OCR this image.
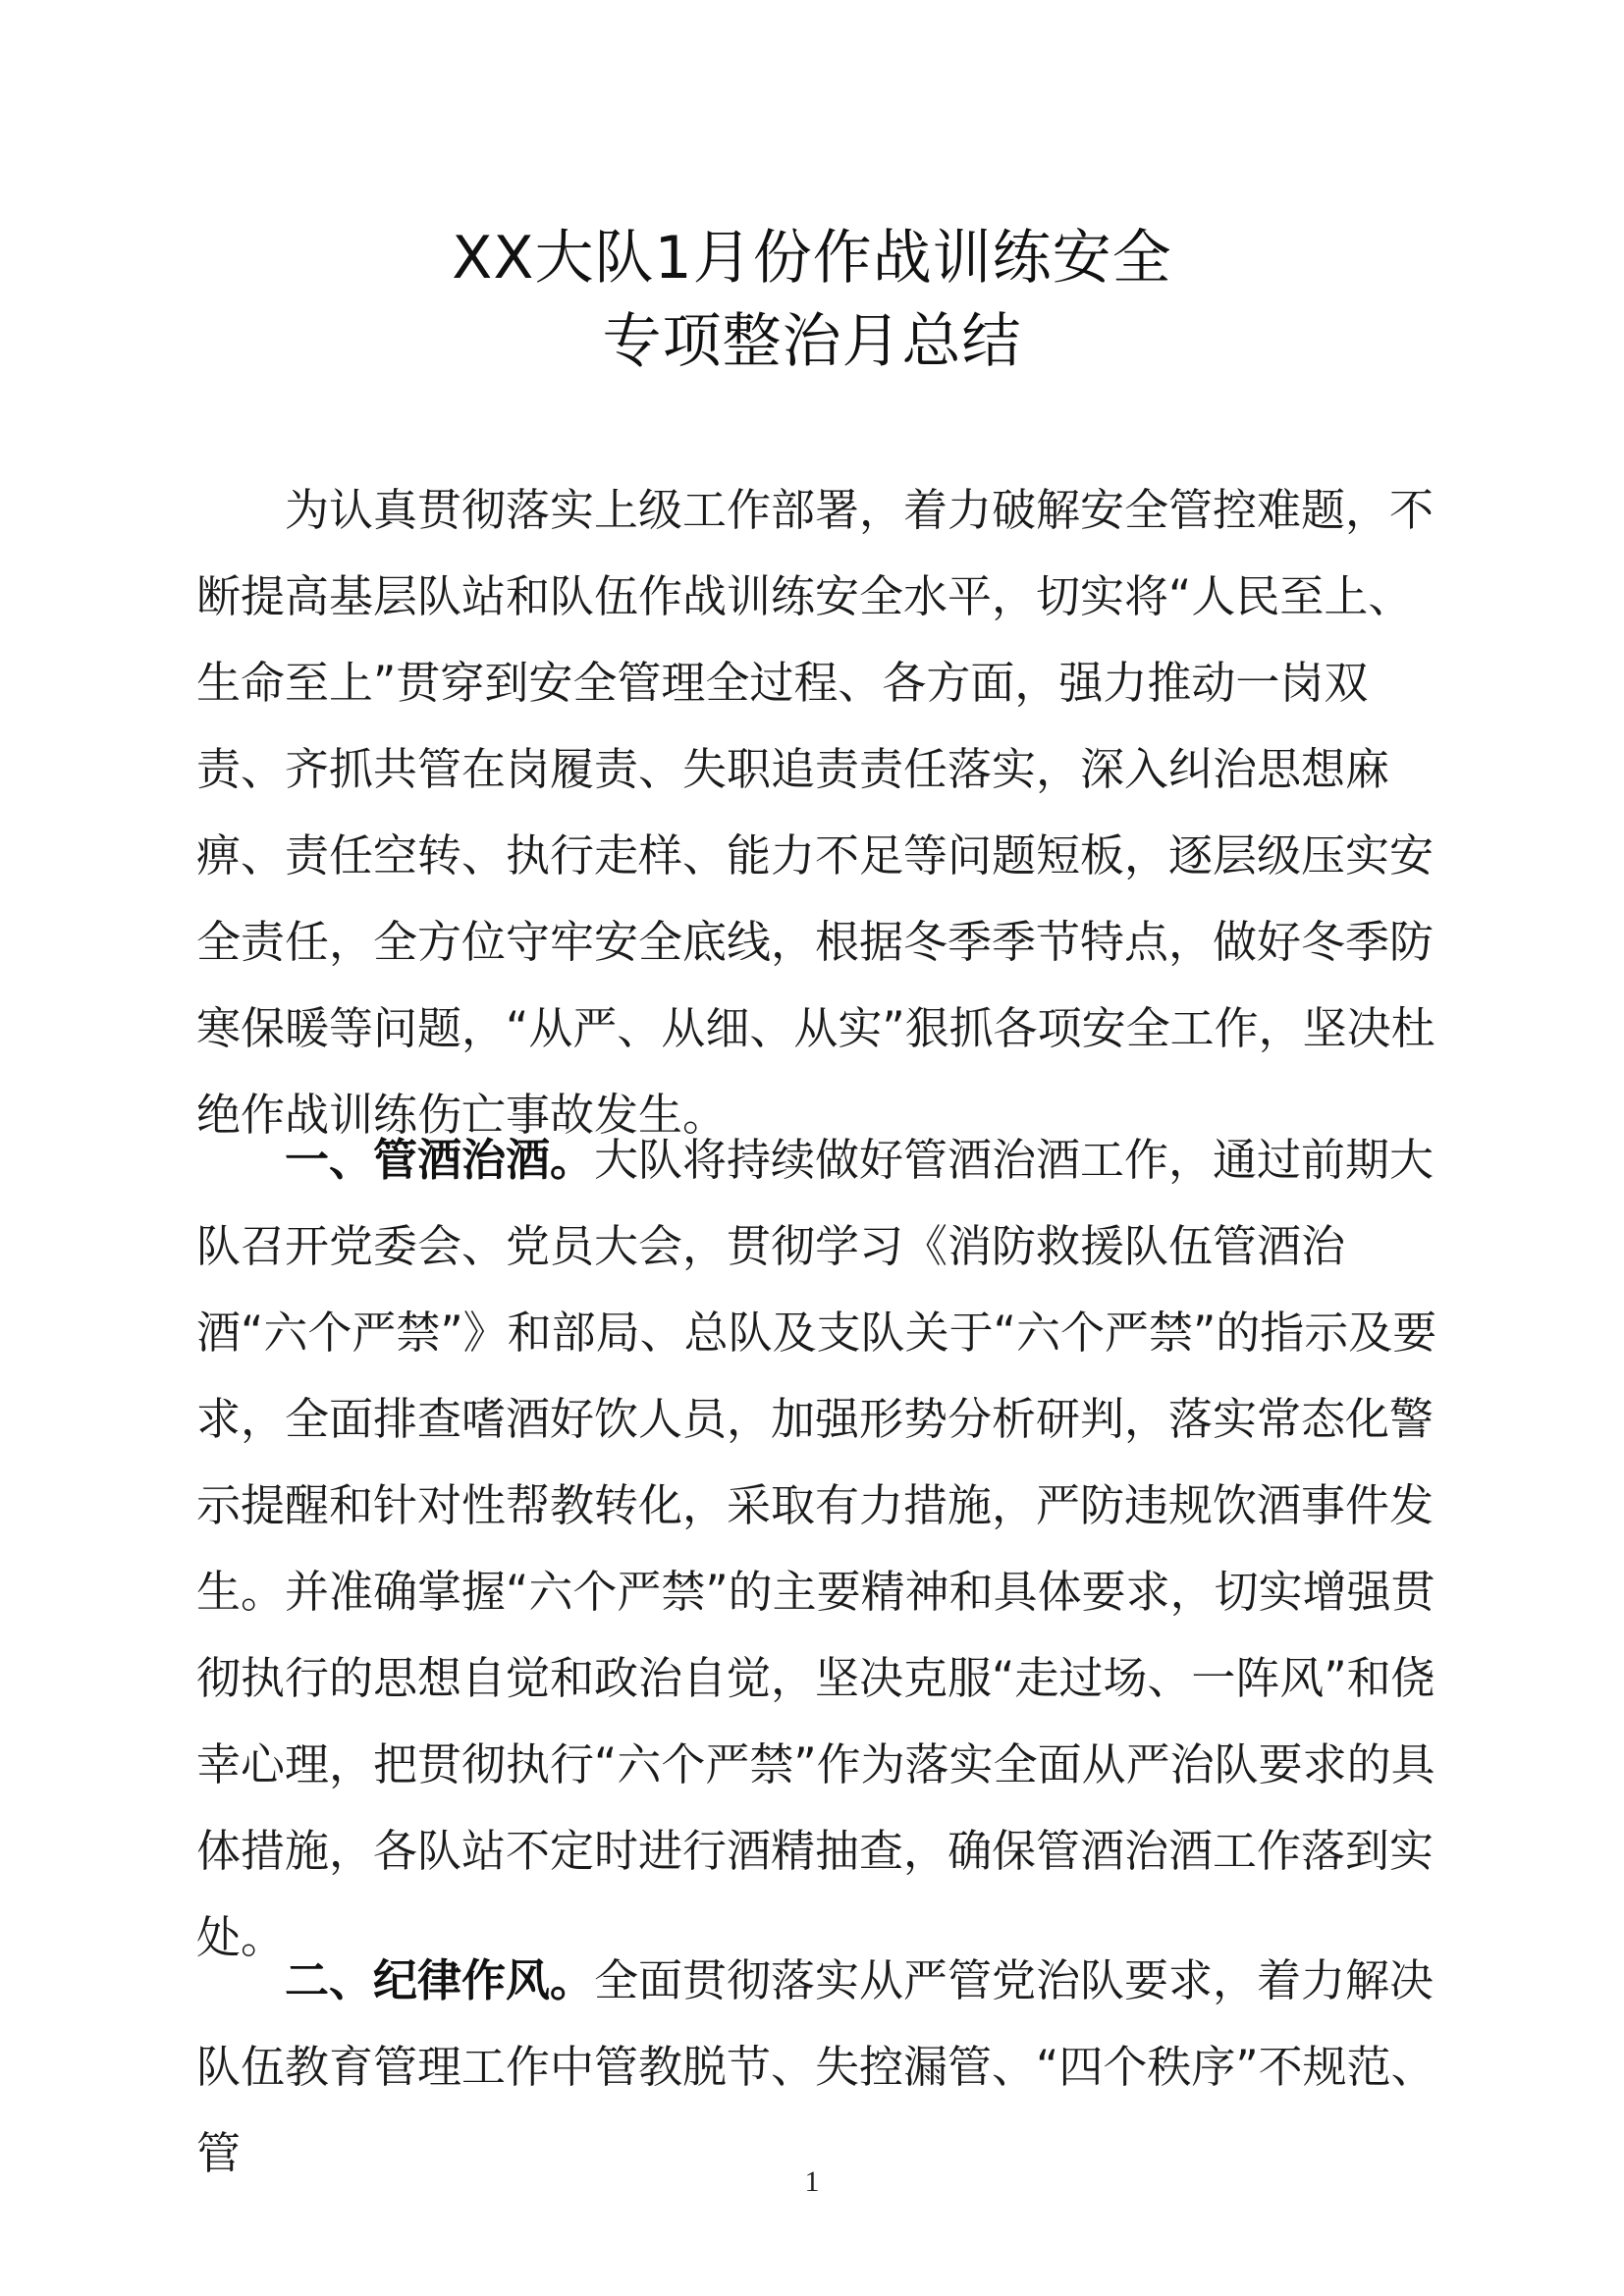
XX大队1月份作战训练安全
专项整治月总结

为认真贯彻落实上级工作部署，着力破解安全管控难题，不断提高基层队站和队伍作战训练安全水平，切实将“人民至上、生命至上”贯穿到安全管理全过程、各方面，强力推动一岗双责、齐抓共管在岗履责、失职追责责任落实，深入纠治思想麻痹、责任空转、执行走样、能力不足等问题短板，逐层级压实安全责任，全方位守牢安全底线，根据冬季季节特点，做好冬季防寒保暖等问题，“从严、从细、从实”狠抓各项安全工作，坚决杜绝作战训练伤亡事故发生。

一、管酒治酒。大队将持续做好管酒治酒工作，通过前期大队召开党委会、党员大会，贯彻学习《消防救援队伍管酒治酒“六个严禁”》和部局、总队及支队关于“六个严禁”的指示及要求，全面排查嗜酒好饮人员，加强形势分析研判，落实常态化警示提醒和针对性帮教转化，采取有力措施，严防违规饮酒事件发生。并准确掌握“六个严禁”的主要精神和具体要求，切实增强贯彻执行的思想自觉和政治自觉，坚决克服“走过场、一阵风”和侥幸心理，把贯彻执行“六个严禁”作为落实全面从严治队要求的具体措施，各队站不定时进行酒精抽查，确保管酒治酒工作落到实处。

二、纪律作风。全面贯彻落实从严管党治队要求，着力解决队伍教育管理工作中管教脱节、失控漏管、“四个秩序”不规范、管

1
